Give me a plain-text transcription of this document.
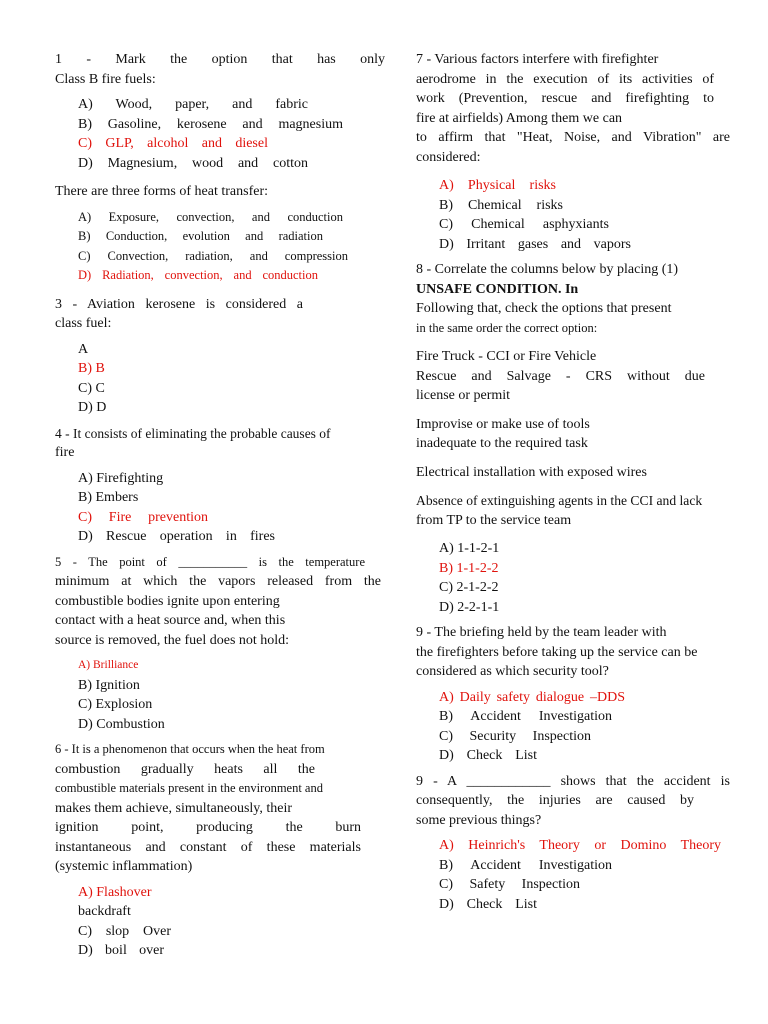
1 - Mark the option that has only
Class B fire fuels:
A) Wood, paper, and fabric
B) Gasoline, kerosene and magnesium
C) GLP, alcohol and diesel
D) Magnesium, wood and cotton
There are three forms of heat transfer:
A) Exposure, convection, and conduction
B) Conduction, evolution and radiation
C) Convection, radiation, and compression
D) Radiation, convection, and conduction
3 - Aviation kerosene is considered a
class fuel:
A
B) B
C) C
D) D
4 - It consists of eliminating the probable causes of
fire
A) Firefighting
B) Embers
C) Fire prevention
D) Rescue operation in fires
5 - The point of ___________ is the temperature
minimum at which the vapors released from the
combustible bodies ignite upon entering
contact with a heat source and, when this
source is removed, the fuel does not hold:
A) Brilliance
B) Ignition
C) Explosion
D) Combustion
6 - It is a phenomenon that occurs when the heat from
combustion gradually heats all the
combustible materials present in the environment and
makes them achieve, simultaneously, their
ignition point, producing the burn
instantaneous and constant of these materials
(systemic inflammation)
A) Flashover
backdraft
C) slop Over
D) boil over
7 - Various factors interfere with firefighter
aerodrome in the execution of its activities of
work (Prevention, rescue and firefighting to
fire at airfields) Among them we can
to affirm that "Heat, Noise, and Vibration" are
considered:
A) Physical risks
B) Chemical risks
C) Chemical asphyxiants
D) Irritant gases and vapors
8 - Correlate the columns below by placing (1)
UNSAFE CONDITION. In
Following that, check the options that present
in the same order the correct option:
Fire Truck - CCI or Fire Vehicle
Rescue and Salvage - CRS without due
license or permit
Improvise or make use of tools
inadequate to the required task
Electrical installation with exposed wires
Absence of extinguishing agents in the CCI and lack
from TP to the service team
A) 1-1-2-1
B) 1-1-2-2
C) 2-1-2-2
D) 2-2-1-1
9 - The briefing held by the team leader with
the firefighters before taking up the service can be
considered as which security tool?
A) Daily safety dialogue –DDS
B) Accident Investigation
C) Security Inspection
D) Check List
9 - A ____________ shows that the accident is
consequently, the injuries are caused by
some previous things?
A) Heinrich's Theory or Domino Theory
B) Accident Investigation
C) Safety Inspection
D) Check List
